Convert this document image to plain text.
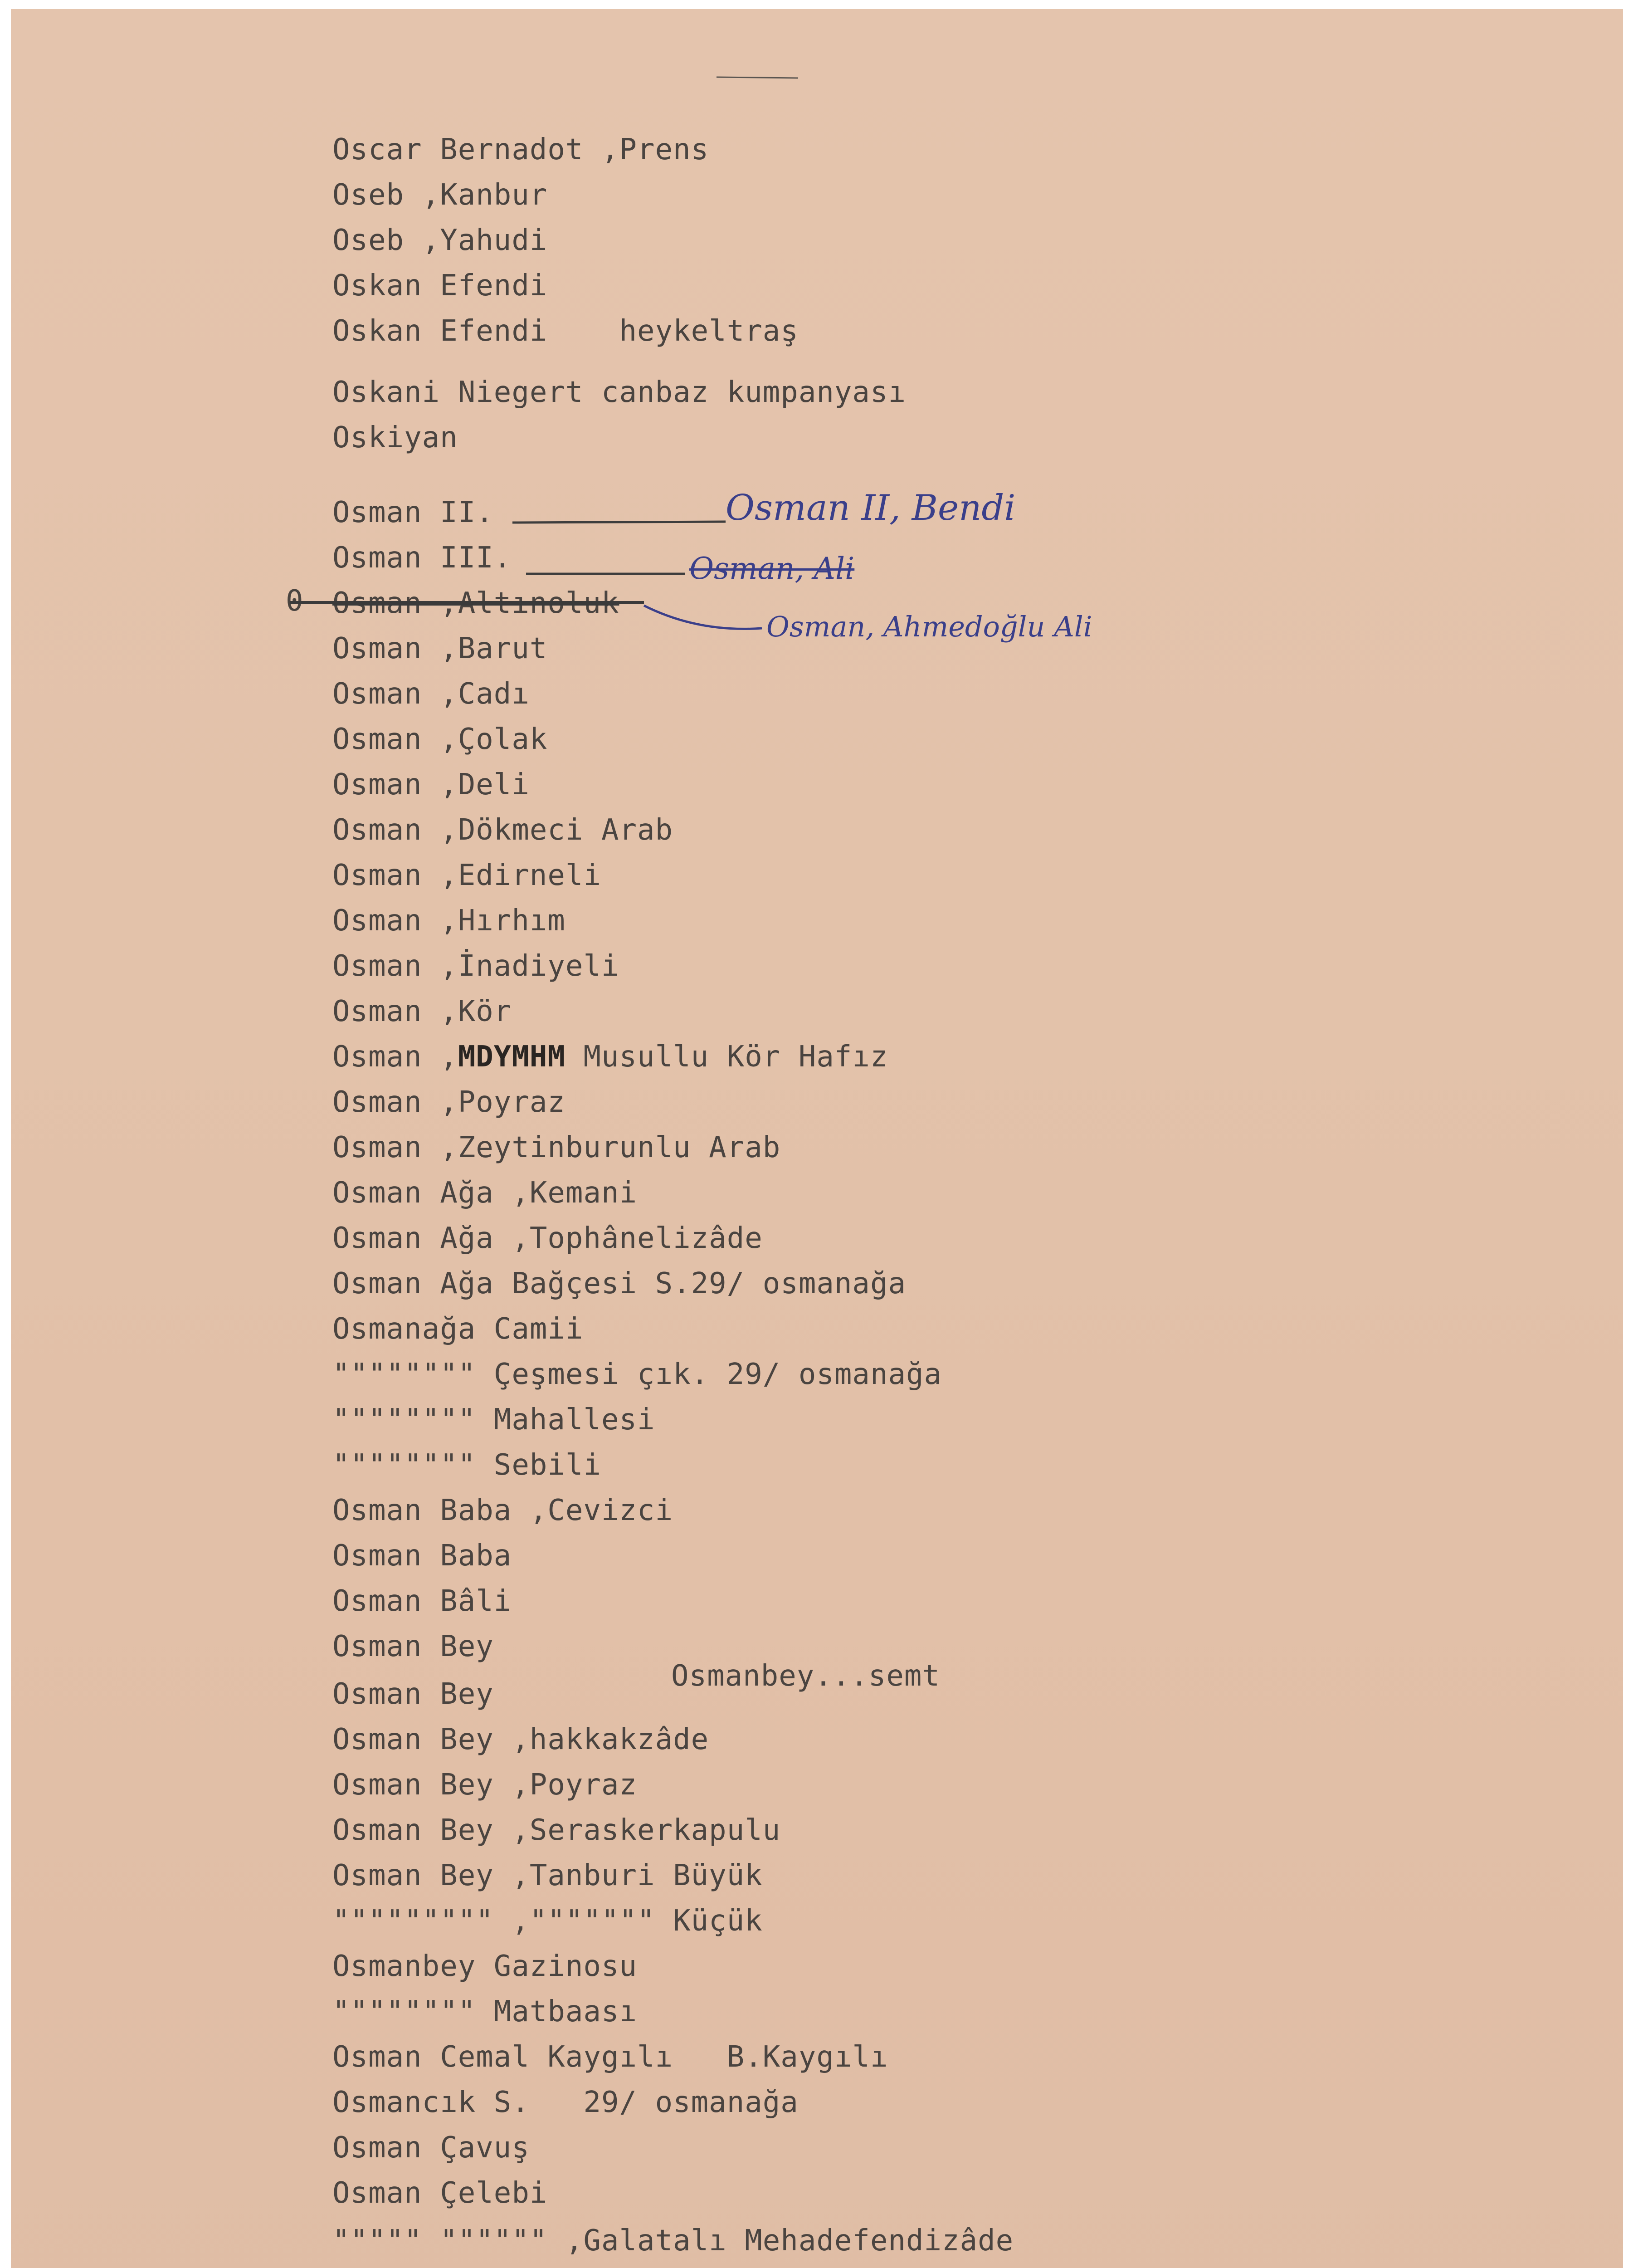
Oscar Bernadot ,Prens
Oseb ,Kanbur
Oseb ,Yahudi
Oskan Efendi
Oskan Efendi    heykeltraş
Oskani Niegert canbaz kumpanyası
Oskiyan
Osman II.
Osman III.
Osman ,Altınoluk
Osman ,Barut
Osman ,Cadı
Osman ,Çolak
Osman ,Deli
Osman ,Dökmeci Arab
Osman ,Edirneli
Osman ,Hırhım
Osman ,İnadiyeli
Osman ,Kör
Osman ,MDYMHM Musullu Kör Hafız
Osman ,Poyraz
Osman ,Zeytinburunlu Arab
Osman Ağa ,Kemani
Osman Ağa ,Tophânelizâde
Osman Ağa Bağçesi S.29/ osmanağa
Osmanağa Camii
"""""""" Çeşmesi çık. 29/ osmanağa
"""""""" Mahallesi
"""""""" Sebili
Osman Baba ,Cevizci
Osman Baba
Osman Bâli
Osman Bey
Osman Bey
Osman Bey ,hakkakzâde
Osman Bey ,Poyraz
Osman Bey ,Seraskerkapulu
Osman Bey ,Tanburi Büyük
""""""""" ,""""""" Küçük
Osmanbey Gazinosu
"""""""" Matbaası
Osman Cemal Kaygılı   B.Kaygılı
Osmancık S.   29/ osmanağa
Osman Çavuş
Osman Çelebi
""""" """""" ,Galatalı Mehadefendizâde
Osmanbey...semt
0
Osman II, Bendi
Osman, Ali
Osman, Ahmedoğlu Ali
